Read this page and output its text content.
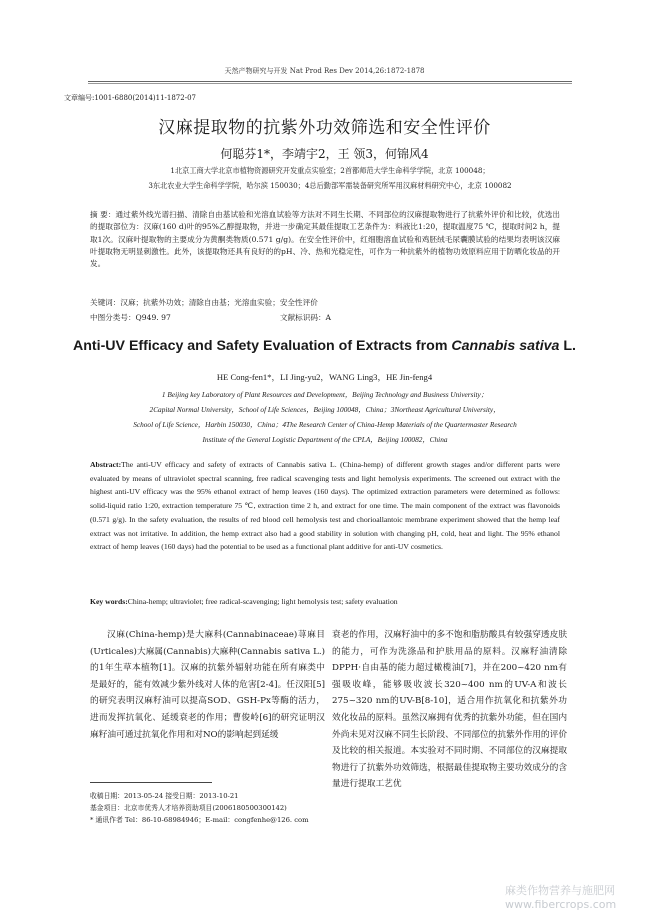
天然产物研究与开发 Nat Prod Res Dev 2014,26:1872-1878
文章编号:1001-6880(2014)11-1872-07
汉麻提取物的抗紫外功效筛选和安全性评价
何聪芬1*，李靖宇2，王 领3，何锦风4
1北京工商大学北京市植物资源研究开发重点实验室；2首都师范大学生命科学学院，北京 100048；
3东北农业大学生命科学学院，哈尔滨 150030；4总后勤部军需装备研究所军用汉麻材料研究中心，北京 100082
摘 要：通过紫外线光谱扫描、清除自由基试验和光溶血试验等方法对不同生长期、不同部位的汉麻提取物进行了抗紫外评价和比较，优选出的提取部位为：汉麻(160 d)叶的95%乙醇提取物，并进一步确定其最佳提取工艺条件为：料液比1:20，提取温度75 ℃，提取时间2 h，提取1次。汉麻叶提取物的主要成分为黄酮类物质(0.571 g/g)。在安全性评价中，红细胞溶血试验和鸡胚绒毛尿囊膜试验的结果均表明该汉麻叶提取物无明显刺激性。此外，该提取物还具有良好的的pH、冷、热和光稳定性，可作为一种抗紫外的植物功效原料应用于防晒化妆品的开发。
关键词：汉麻；抗紫外功效；清除自由基；光溶血实验；安全性评价
中图分类号：Q949. 97	文献标识码：A
Anti-UV Efficacy and Safety Evaluation of Extracts from Cannabis sativa L.
HE Cong-fen1*，LI Jing-yu2，WANG Ling3，HE Jin-feng4
1 Beijing key Laboratory of Plant Resources and Development，Beijing Technology and Business University；
2Capital Normal University，School of Life Sciences，Beijing 100048，China；3Northeast Agricultural University，
School of Life Science，Harbin 150030，China；4The Research Center of China-Hemp Materials of the Quartermaster Research
Institute of the General Logistic Department of the CPLA，Beijing 100082，China
Abstract:The anti-UV efficacy and safety of extracts of Cannabis sativa L. (China-hemp) of different growth stages and/or different parts were evaluated by means of ultraviolet spectral scanning, free radical scavenging tests and light hemolysis experiments. The screened out extract with the highest anti-UV efficacy was the 95% ethanol extract of hemp leaves (160 days). The optimized extraction parameters were determined as follows: solid-liquid ratio 1:20, extraction temperature 75 ℃, extraction time 2 h, and extract for one time. The main component of the extract was flavonoids (0.571 g/g). In the safety evaluation, the results of red blood cell hemolysis test and chorioallantoic membrane experiment showed that the hemp leaf extract was not irritative. In addition, the hemp extract also had a good stability in solution with changing pH, cold, heat and light. The 95% ethanol extract of hemp leaves (160 days) had the potential to be used as a functional plant additive for anti-UV cosmetics.
Key words:China-hemp; ultraviolet; free radical-scavenging; light hemolysis test; safety evaluation
汉麻(China-hemp)是大麻科(Cannabinaceae)荨麻目(Urticales)大麻属(Cannabis)大麻种(Cannabis sativa L.)的1年生草本植物[1]。汉麻的抗紫外辐射功能在所有麻类中是最好的，能有效减少紫外线对人体的危害[2-4]。任汉阳[5]的研究表明汉麻籽油可以提高SOD、GSH-Px等酶的活力，进而发挥抗氧化、延缓衰老的作用；曹俊岭[6]的研究证明汉麻籽油可通过抗氧化作用和对NO的影响起到延缓
衰老的作用，汉麻籽油中的多不饱和脂肪酸具有较强穿透皮肤的能力，可作为洗涤品和护肤用品的原料。汉麻籽油清除DPPH·自由基的能力超过橄榄油[7]，并在200~420 nm有强吸收峰，能够吸收波长320~400 nm的UV-A和波长275~320 nm的UV-B[8-10]，适合用作抗氧化和抗紫外功效化妆品的原料。虽然汉麻拥有优秀的抗紫外功能，但在国内外尚未见对汉麻不同生长阶段、不同部位的抗紫外作用的评价及比较的相关报道。本实验对不同时期、不同部位的汉麻提取物进行了抗紫外功效筛选，根据最佳提取物主要功效成分的含量进行提取工艺优
收稿日期：2013-05-24 接受日期：2013-10-21
基金项目：北京市优秀人才培养资助项目(2006180500300142)
* 通讯作者 Tel：86-10-68984946；E-mail：congfenhe@126. com
麻类作物营养与施肥网 www.fibercrops.com
